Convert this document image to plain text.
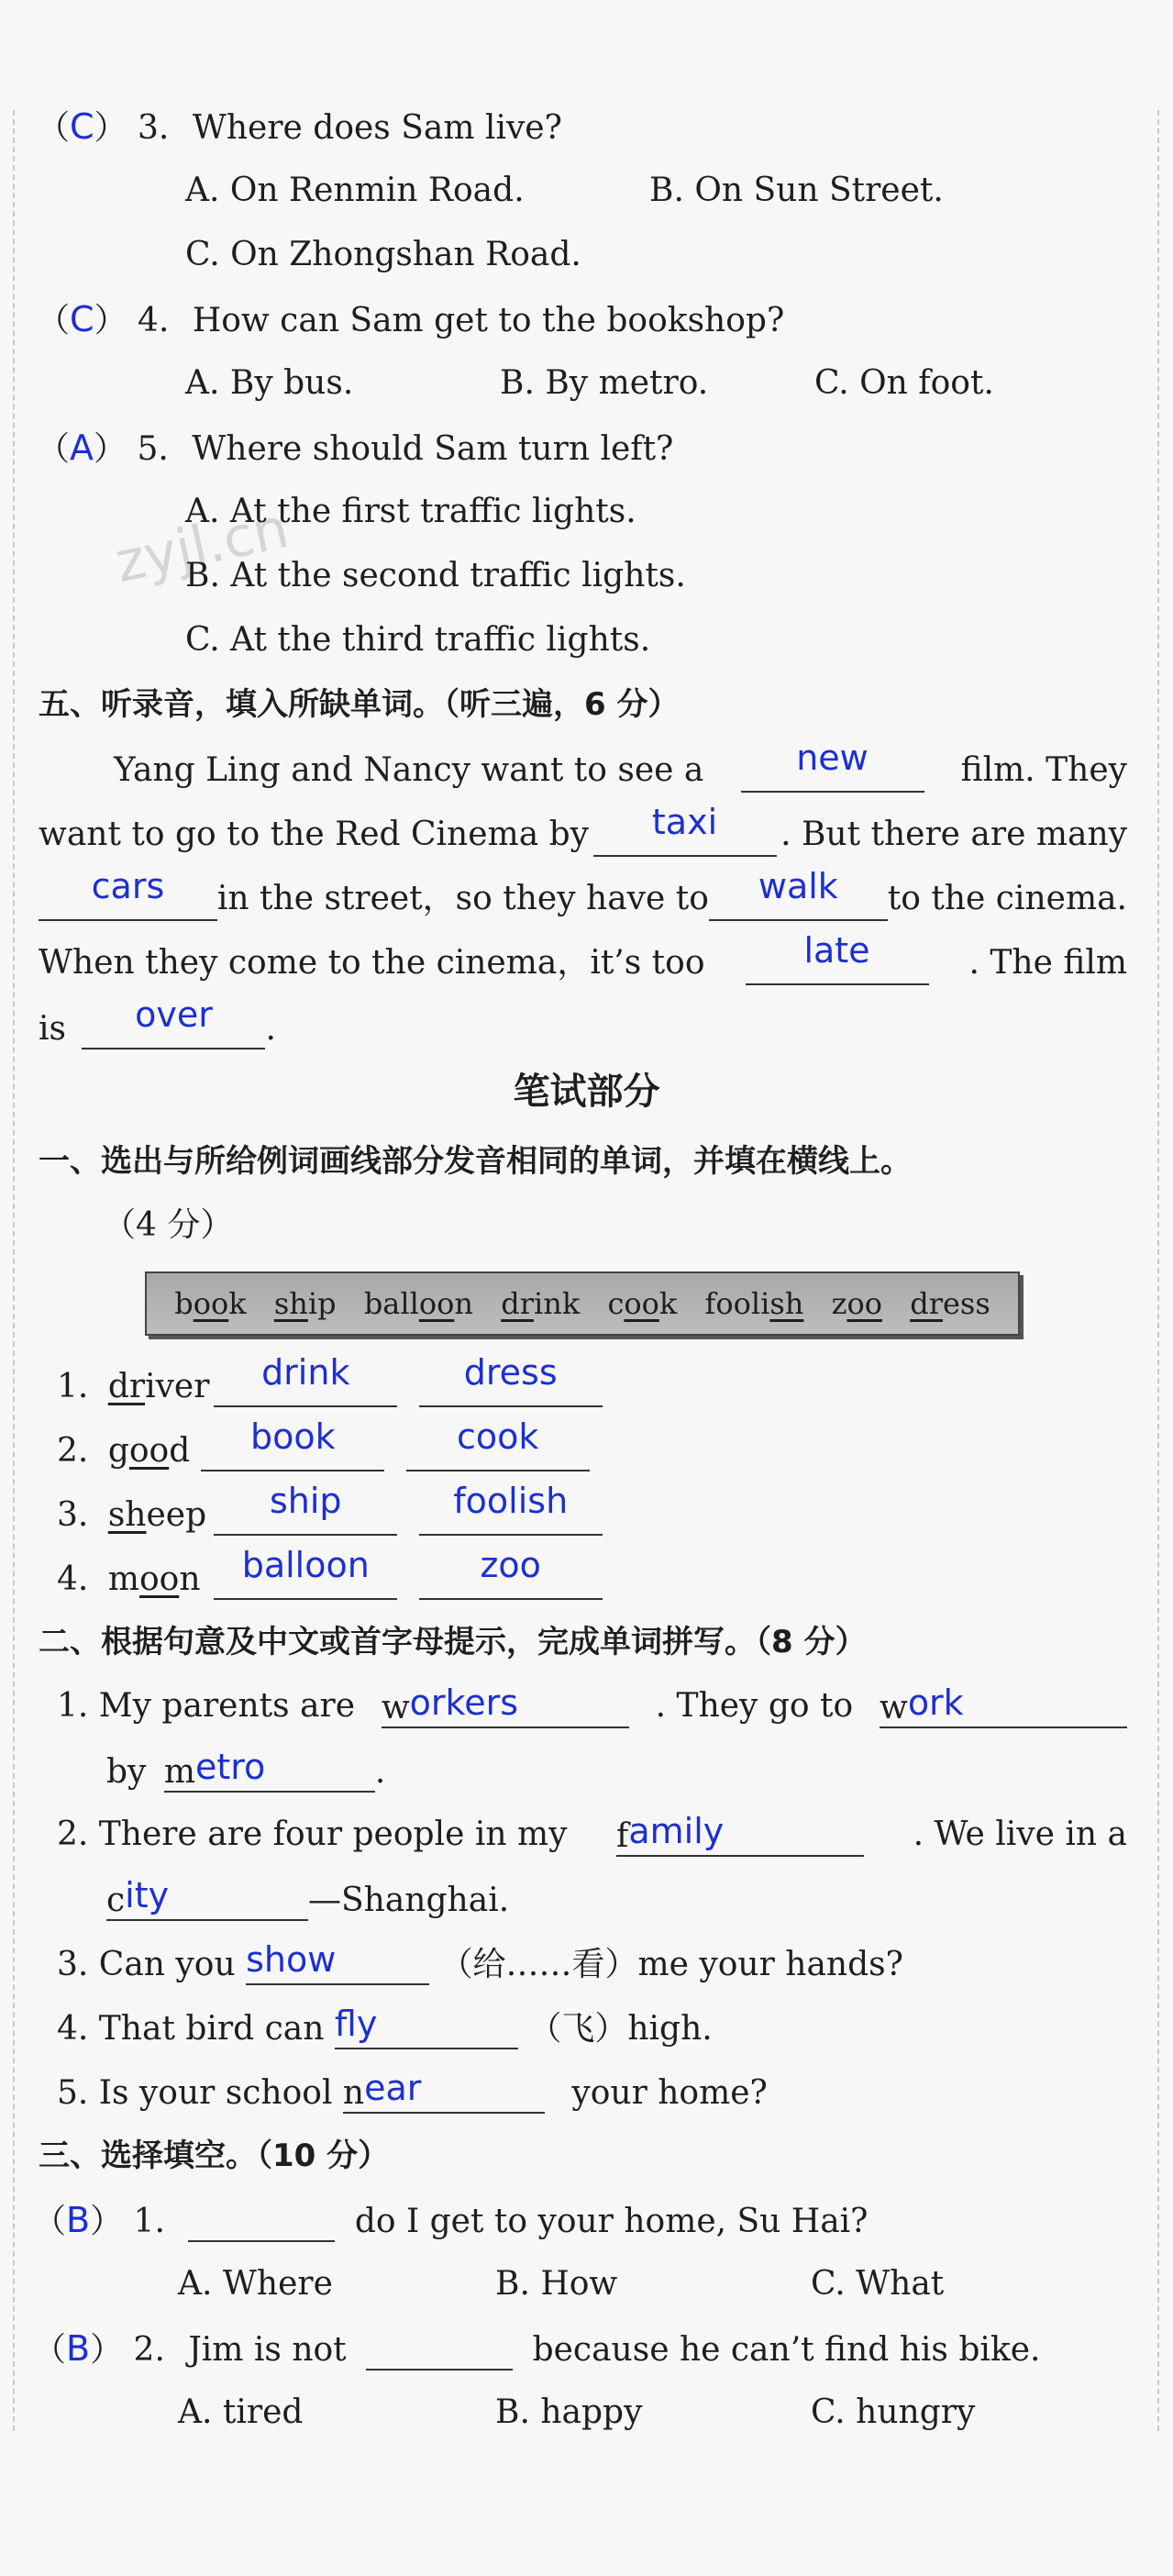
zyjl.cn
（C） 3. Where does Sam live?
A. On Renmin Road.	B. On Sun Street.
C. On Zhongshan Road.
（C） 4. How can Sam get to the bookshop?
A. By bus.	B. By metro.	C. On foot.
（A） 5. Where should Sam turn left?
A. At the first traffic lights.
B. At the second traffic lights.
C. At the third traffic lights.
五、听录音，填入所缺单词。（听三遍，6 分）
Yang Ling and Nancy want to see a	new	film. They
want to go to the Red Cinema by	taxi	. But there are many
cars	in the street，so they have to	walk	to the cinema.
When they come to the cinema，it’s too	late	. The film
is over .
笔试部分
一、选出与所给例词画线部分发音相同的单词，并填在横线上。
（4 分）
book ship balloon drink cook foolish zoo dress
1. driver drink	dress
2. good book	cook
3. sheep ship	foolish
4. moon balloon	zoo
二、根据句意及中文或首字母提示，完成单词拼写。（8 分）
1. My parents are workers	. They go to work
by metro	.
2. There are four people in my family	. We live in a
city	—Shanghai.
3. Can you show	（给……看）me your hands?
4. That bird can fly	（飞）high.
5. Is your school near	your home?
三、选择填空。（10 分）
（B） 1.	do I get to your home, Su Hai?
A. Where	B. How	C. What
（B） 2. Jim is not	because he can’t find his bike.
A. tired	B. happy	C. hungry
